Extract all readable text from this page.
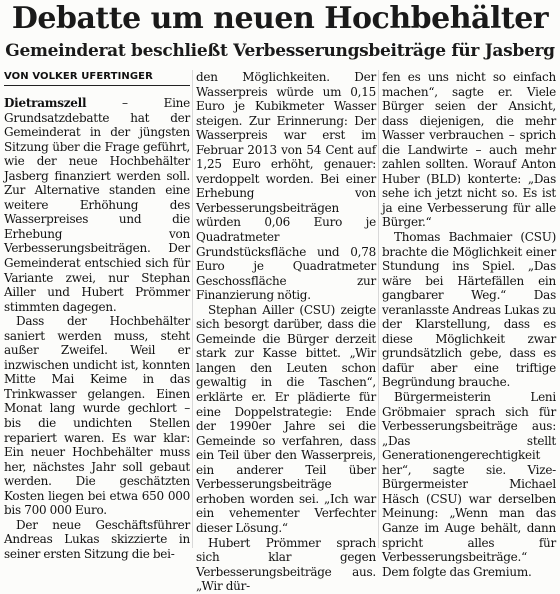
Debatte um neuen Hochbehälter
Gemeinderat beschließt Verbesserungsbeiträge für Jasberg
VON VOLKER UFERTINGER

Dietramszell	– Eine Grundsatzdebatte hat der Gemeinderat in der jüngsten Sitzung über die Frage geführt, wie der neue Hochbehälter Jasberg finanziert werden soll. Zur Alternative standen eine weitere Erhöhung des Wasserpreises und die Erhebung von Verbesserungsbeiträgen. Der Gemeinderat entschied sich für Variante zwei, nur Stephan Ailler und Hubert Prömmer stimmten dagegen.

Dass der Hochbehälter saniert werden muss, steht außer Zweifel. Weil er inzwischen undicht ist, konnten Mitte Mai Keime in das Trinkwasser gelangen. Einen Monat lang wurde gechlort – bis die undichten Stellen repariert waren. Es war klar: Ein neuer Hochbehälter muss her, nächstes Jahr soll gebaut werden. Die geschätzten Kosten liegen bei etwa 650 000 bis 700 000 Euro.

Der neue Geschäftsführer Andreas Lukas skizzierte in seiner ersten Sitzung die bei-

den Möglichkeiten. Der Wasserpreis würde um 0,15 Euro je Kubikmeter Wasser steigen. Zur Erinnerung: Der Wasserpreis war erst im Februar 2013 von 54 Cent auf 1,25 Euro erhöht, genauer: verdoppelt worden. Bei einer Erhebung von Verbesserungsbeiträgen würden 0,06 Euro je Quadratmeter Grundstücksfläche und 0,78 Euro je Quadratmeter Geschossfläche zur Finanzierung nötig.

Stephan Ailler (CSU) zeigte sich besorgt darüber, dass die Gemeinde die Bürger derzeit stark zur Kasse bittet. „Wir langen den Leuten schon gewaltig in die Taschen“, erklärte er. Er plädierte für eine Doppelstrategie: Ende der 1990er Jahre sei die Gemeinde so verfahren, dass ein Teil über den Wasserpreis, ein anderer Teil über Verbesserungsbeiträge erhoben worden sei. „Ich war ein vehementer Verfechter dieser Lösung.“

Hubert Prömmer sprach sich klar gegen Verbesserungsbeiträge aus. „Wir dür-

fen es uns nicht so einfach machen“, sagte er. Viele Bürger seien der Ansicht, dass diejenigen, die mehr Wasser verbrauchen – sprich die Landwirte – auch mehr zahlen sollten. Worauf Anton Huber (BLD) konterte: „Das sehe ich jetzt nicht so. Es ist ja eine Verbesserung für alle Bürger.“

Thomas Bachmaier (CSU) brachte die Möglichkeit einer Stundung ins Spiel. „Das wäre bei Härtefällen ein gangbarer Weg.“ Das veranlasste Andreas Lukas zu der Klarstellung, dass es diese Möglichkeit zwar grundsätzlich gebe, dass es dafür aber eine triftige Begründung brauche.

Bürgermeisterin Leni Gröbmaier sprach sich für Verbesserungsbeiträge aus: „Das stellt Generationengerechtigkeit her“, sagte sie. Vize-Bürgermeister Michael Häsch (CSU) war derselben Meinung: „Wenn man das Ganze im Auge behält, dann spricht alles für Verbesserungsbeiträge.“ Dem folgte das Gremium.
